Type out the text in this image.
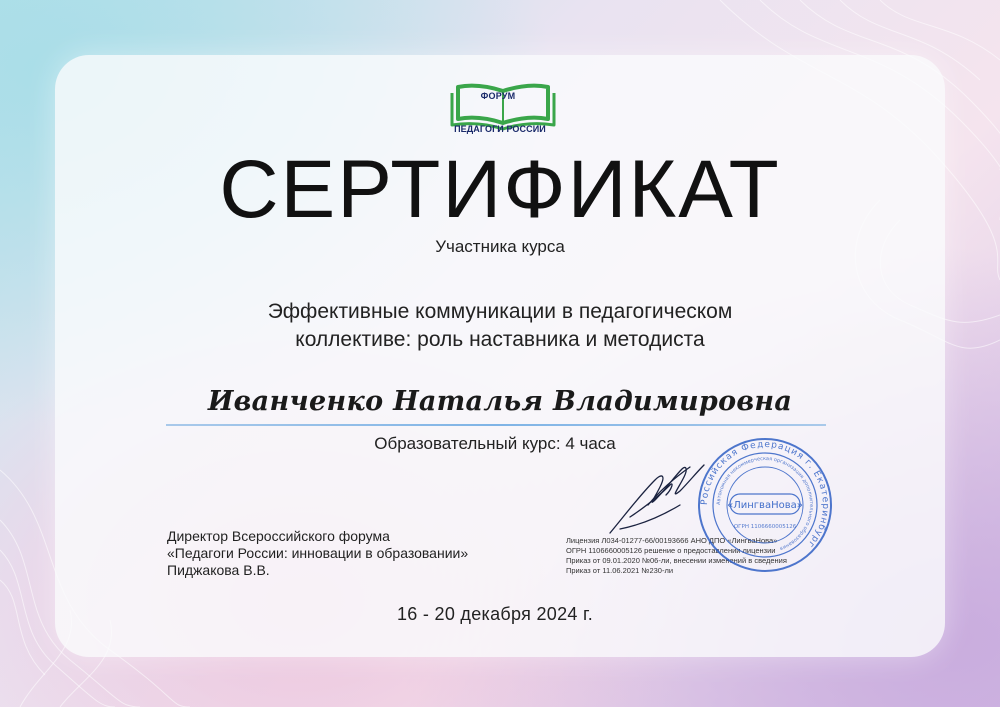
ФОРУМ
ПЕДАГОГИ РОССИИ
СЕРТИФИКАТ
Участника курса
Эффективные коммуникации в педагогическом
коллективе: роль наставника и методиста
Иванченко Наталья Владимировна
Образовательный курс: 4 часа
Директор Всероссийского форума
«Педагоги России: инновации в образовании»
Пиджакова В.В.
Лицензия Л034-01277-66/00193666 АНО ДПО «ЛингваНова»
ОГРН 1106660005126 решение о предоставлении лицензии
Приказ от 09.01.2020 №06-ли, внесении изменений в сведения
Приказ от 11.06.2021 №230-ли
Российская Федерация г. Екатеринбург
Автономная некоммерческая организация дополнительного образования
«ЛингваНова»
ОГРН 1106660005126
16 - 20 декабря 2024 г.
